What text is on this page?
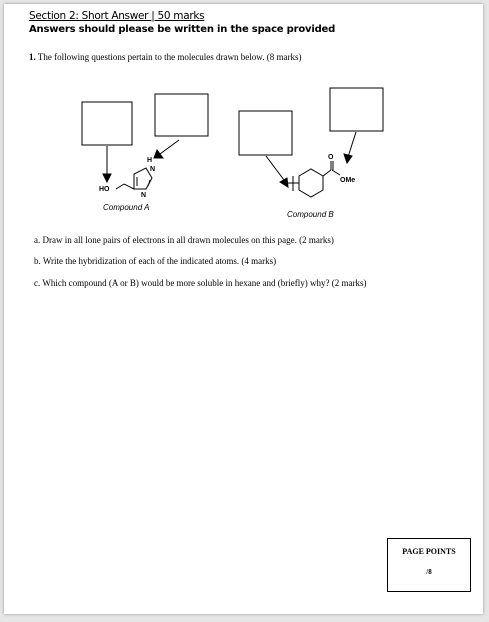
Section 2: Short Answer | 50 marks
Answers should please be written in the space provided
1. The following questions pertain to the molecules drawn below. (8 marks)
HO
N
H
N
O
OMe
Compound A
Compound B
a. Draw in all lone pairs of electrons in all drawn molecules on this page. (2 marks)
b. Write the hybridization of each of the indicated atoms. (4 marks)
c. Which compound (A or B) would be more soluble in hexane and (briefly) why? (2 marks)
PAGE POINTS
/8
